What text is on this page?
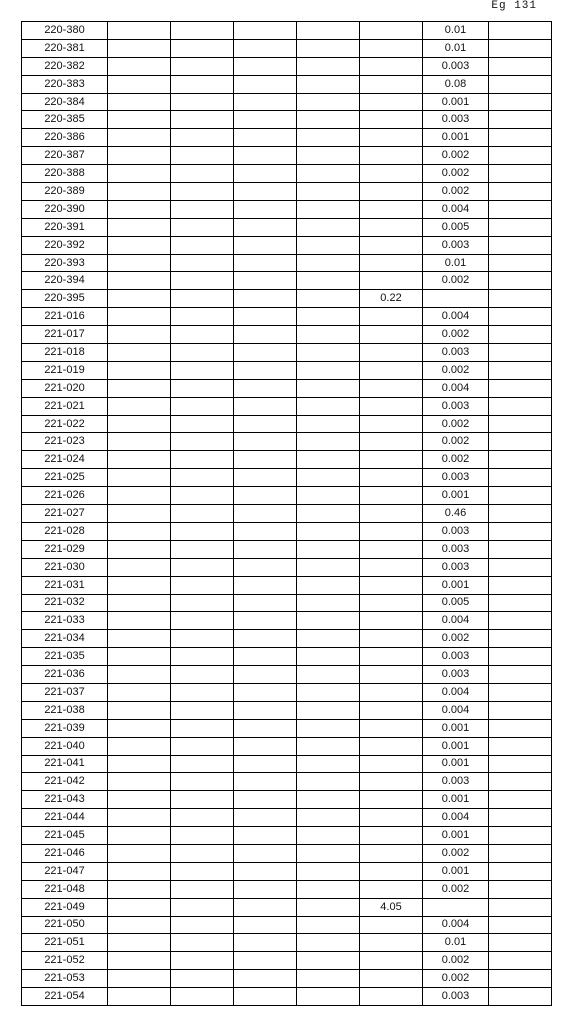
Eg 131
220-380						0.01	
220-381						0.01	
220-382						0.003	
220-383						0.08	
220-384						0.001	
220-385						0.003	
220-386						0.001	
220-387						0.002	
220-388						0.002	
220-389						0.002	
220-390						0.004	
220-391						0.005	
220-392						0.003	
220-393						0.01	
220-394						0.002	
220-395					0.22		
221-016						0.004	
221-017						0.002	
221-018						0.003	
221-019						0.002	
221-020						0.004	
221-021						0.003	
221-022						0.002	
221-023						0.002	
221-024						0.002	
221-025						0.003	
221-026						0.001	
221-027						0.46	
221-028						0.003	
221-029						0.003	
221-030						0.003	
221-031						0.001	
221-032						0.005	
221-033						0.004	
221-034						0.002	
221-035						0.003	
221-036						0.003	
221-037						0.004	
221-038						0.004	
221-039						0.001	
221-040						0.001	
221-041						0.001	
221-042						0.003	
221-043						0.001	
221-044						0.004	
221-045						0.001	
221-046						0.002	
221-047						0.001	
221-048						0.002	
221-049					4.05		
221-050						0.004	
221-051						0.01	
221-052						0.002	
221-053						0.002	
221-054						0.003	
